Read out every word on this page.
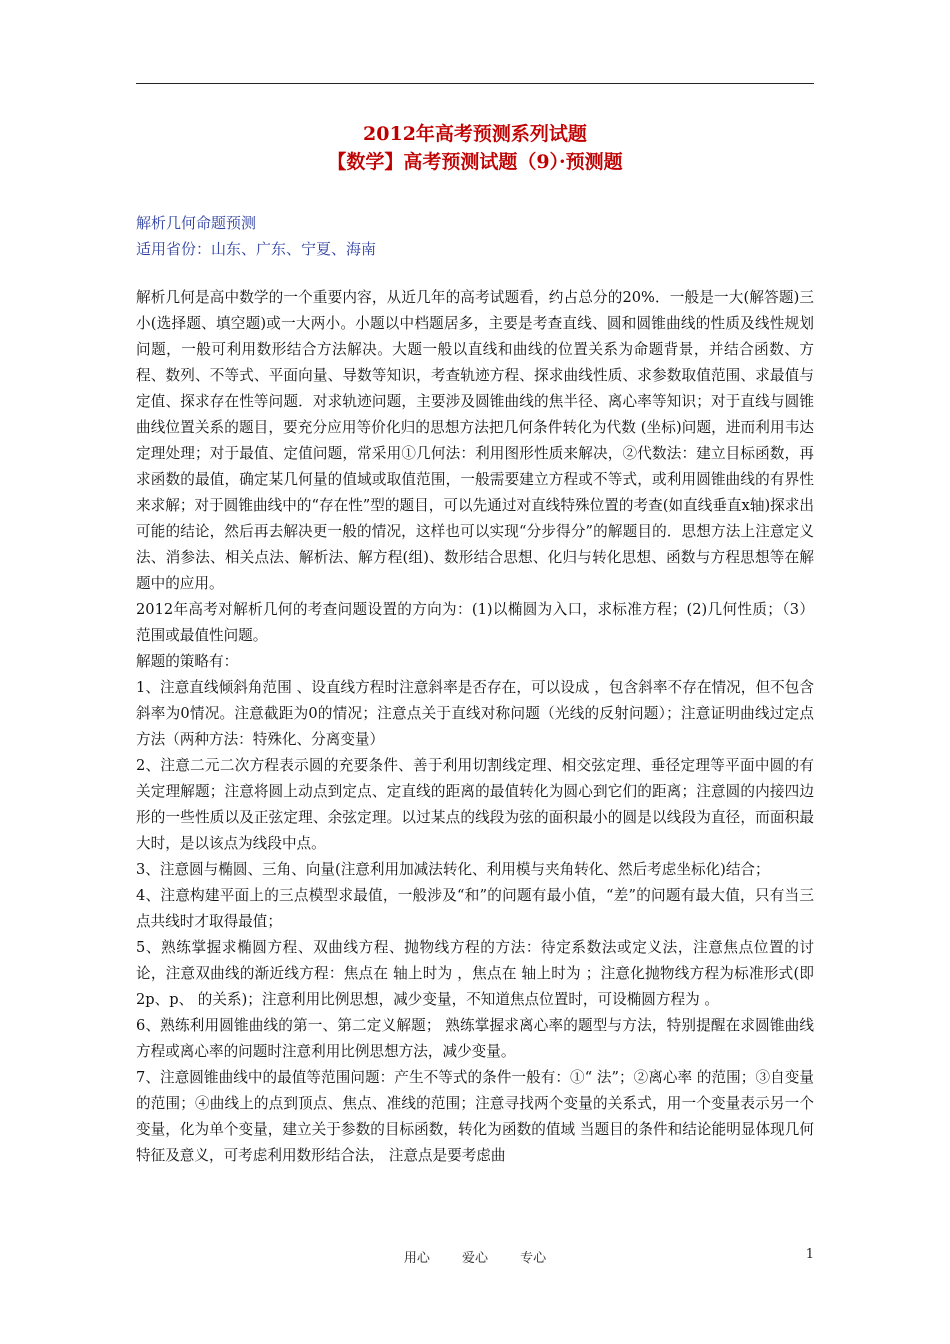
2012年高考预测系列试题
【数学】高考预测试题（9）·预测题
解析几何命题预测
适用省份：山东、广东、宁夏、海南

解析几何是高中数学的一个重要内容，从近几年的高考试题看，约占总分的20%．一般是一大(解答题)三小(选择题、填空题)或一大两小。小题以中档题居多，主要是考查直线、圆和圆锥曲线的性质及线性规划问题，一般可利用数形结合方法解决。大题一般以直线和曲线的位置关系为命题背景，并结合函数、方程、数列、不等式、平面向量、导数等知识，考查轨迹方程、探求曲线性质、求参数取值范围、求最值与定值、探求存在性等问题．对求轨迹问题，主要涉及圆锥曲线的焦半径、离心率等知识；对于直线与圆锥曲线位置关系的题目，要充分应用等价化归的思想方法把几何条件转化为代数 (坐标)问题，进而利用韦达定理处理；对于最值、定值问题，常采用①几何法：利用图形性质来解决，②代数法：建立目标函数，再求函数的最值，确定某几何量的值域或取值范围，一般需要建立方程或不等式，或利用圆锥曲线的有界性来求解；对于圆锥曲线中的“存在性”型的题目，可以先通过对直线特殊位置的考查(如直线垂直x轴)探求出可能的结论，然后再去解决更一般的情况，这样也可以实现“分步得分”的解题目的．思想方法上注意定义法、消参法、相关点法、解析法、解方程(组)、数形结合思想、化归与转化思想、函数与方程思想等在解题中的应用。

2012年高考对解析几何的考查问题设置的方向为：(1)以椭圆为入口，求标准方程；(2)几何性质；（3）范围或最值性问题。

解题的策略有：

1、注意直线倾斜角范围 、设直线方程时注意斜率是否存在，可以设成 ，包含斜率不存在情况，但不包含斜率为0情况。注意截距为0的情况；注意点关于直线对称问题（光线的反射问题）；注意证明曲线过定点方法（两种方法：特殊化、分离变量）

2、注意二元二次方程表示圆的充要条件、善于利用切割线定理、相交弦定理、垂径定理等平面中圆的有关定理解题；注意将圆上动点到定点、定直线的距离的最值转化为圆心到它们的距离；注意圆的内接四边形的一些性质以及正弦定理、余弦定理。以过某点的线段为弦的面积最小的圆是以线段为直径，而面积最大时，是以该点为线段中点。

3、注意圆与椭圆、三角、向量(注意利用加减法转化、利用模与夹角转化、然后考虑坐标化)结合；

4、注意构建平面上的三点模型求最值，一般涉及“和”的问题有最小值，“差”的问题有最大值，只有当三点共线时才取得最值；

5、熟练掌握求椭圆方程、双曲线方程、抛物线方程的方法：待定系数法或定义法，注意焦点位置的讨论，注意双曲线的渐近线方程：焦点在 轴上时为 ，焦点在 轴上时为 ；注意化抛物线方程为标准形式(即2p、p、 的关系)；注意利用比例思想，减少变量，不知道焦点位置时，可设椭圆方程为 。

6、熟练利用圆锥曲线的第一、第二定义解题； 熟练掌握求离心率的题型与方法，特别提醒在求圆锥曲线方程或离心率的问题时注意利用比例思想方法，减少变量。

7、注意圆锥曲线中的最值等范围问题：产生不等式的条件一般有：①“ 法”；②离心率 的范围；③自变量 的范围；④曲线上的点到顶点、焦点、准线的范围；注意寻找两个变量的关系式，用一个变量表示另一个变量，化为单个变量，建立关于参数的目标函数，转化为函数的值域 当题目的条件和结论能明显体现几何特征及意义，可考虑利用数形结合法， 注意点是要考虑曲

用心 爱心 专心	1
